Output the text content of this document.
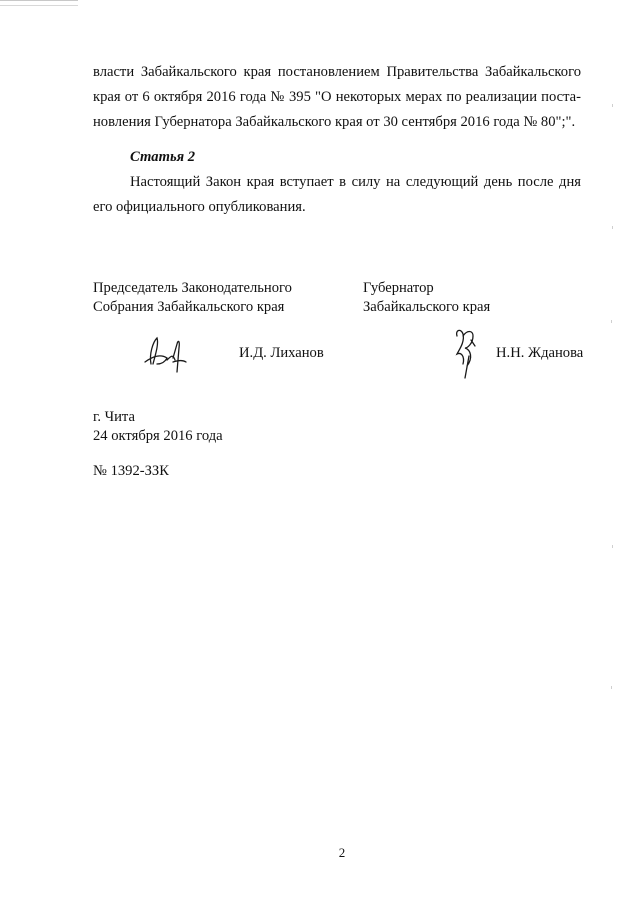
власти Забайкальского края постановлением Правительства Забайкальского
края от 6 октября 2016 года № 395 "О некоторых мерах по реализации поста-
новления Губернатора Забайкальского края от 30 сентября 2016 года № 80";".
Статья 2
Настоящий Закон края вступает в силу на следующий день после дня
его официального опубликования.
Председатель Законодательного
Собрания Забайкальского края
Губернатор
Забайкальского края
И.Д. Лиханов	Н.Н. Жданова
г. Чита
24 октября 2016 года
№ 1392-ЗЗК
2
